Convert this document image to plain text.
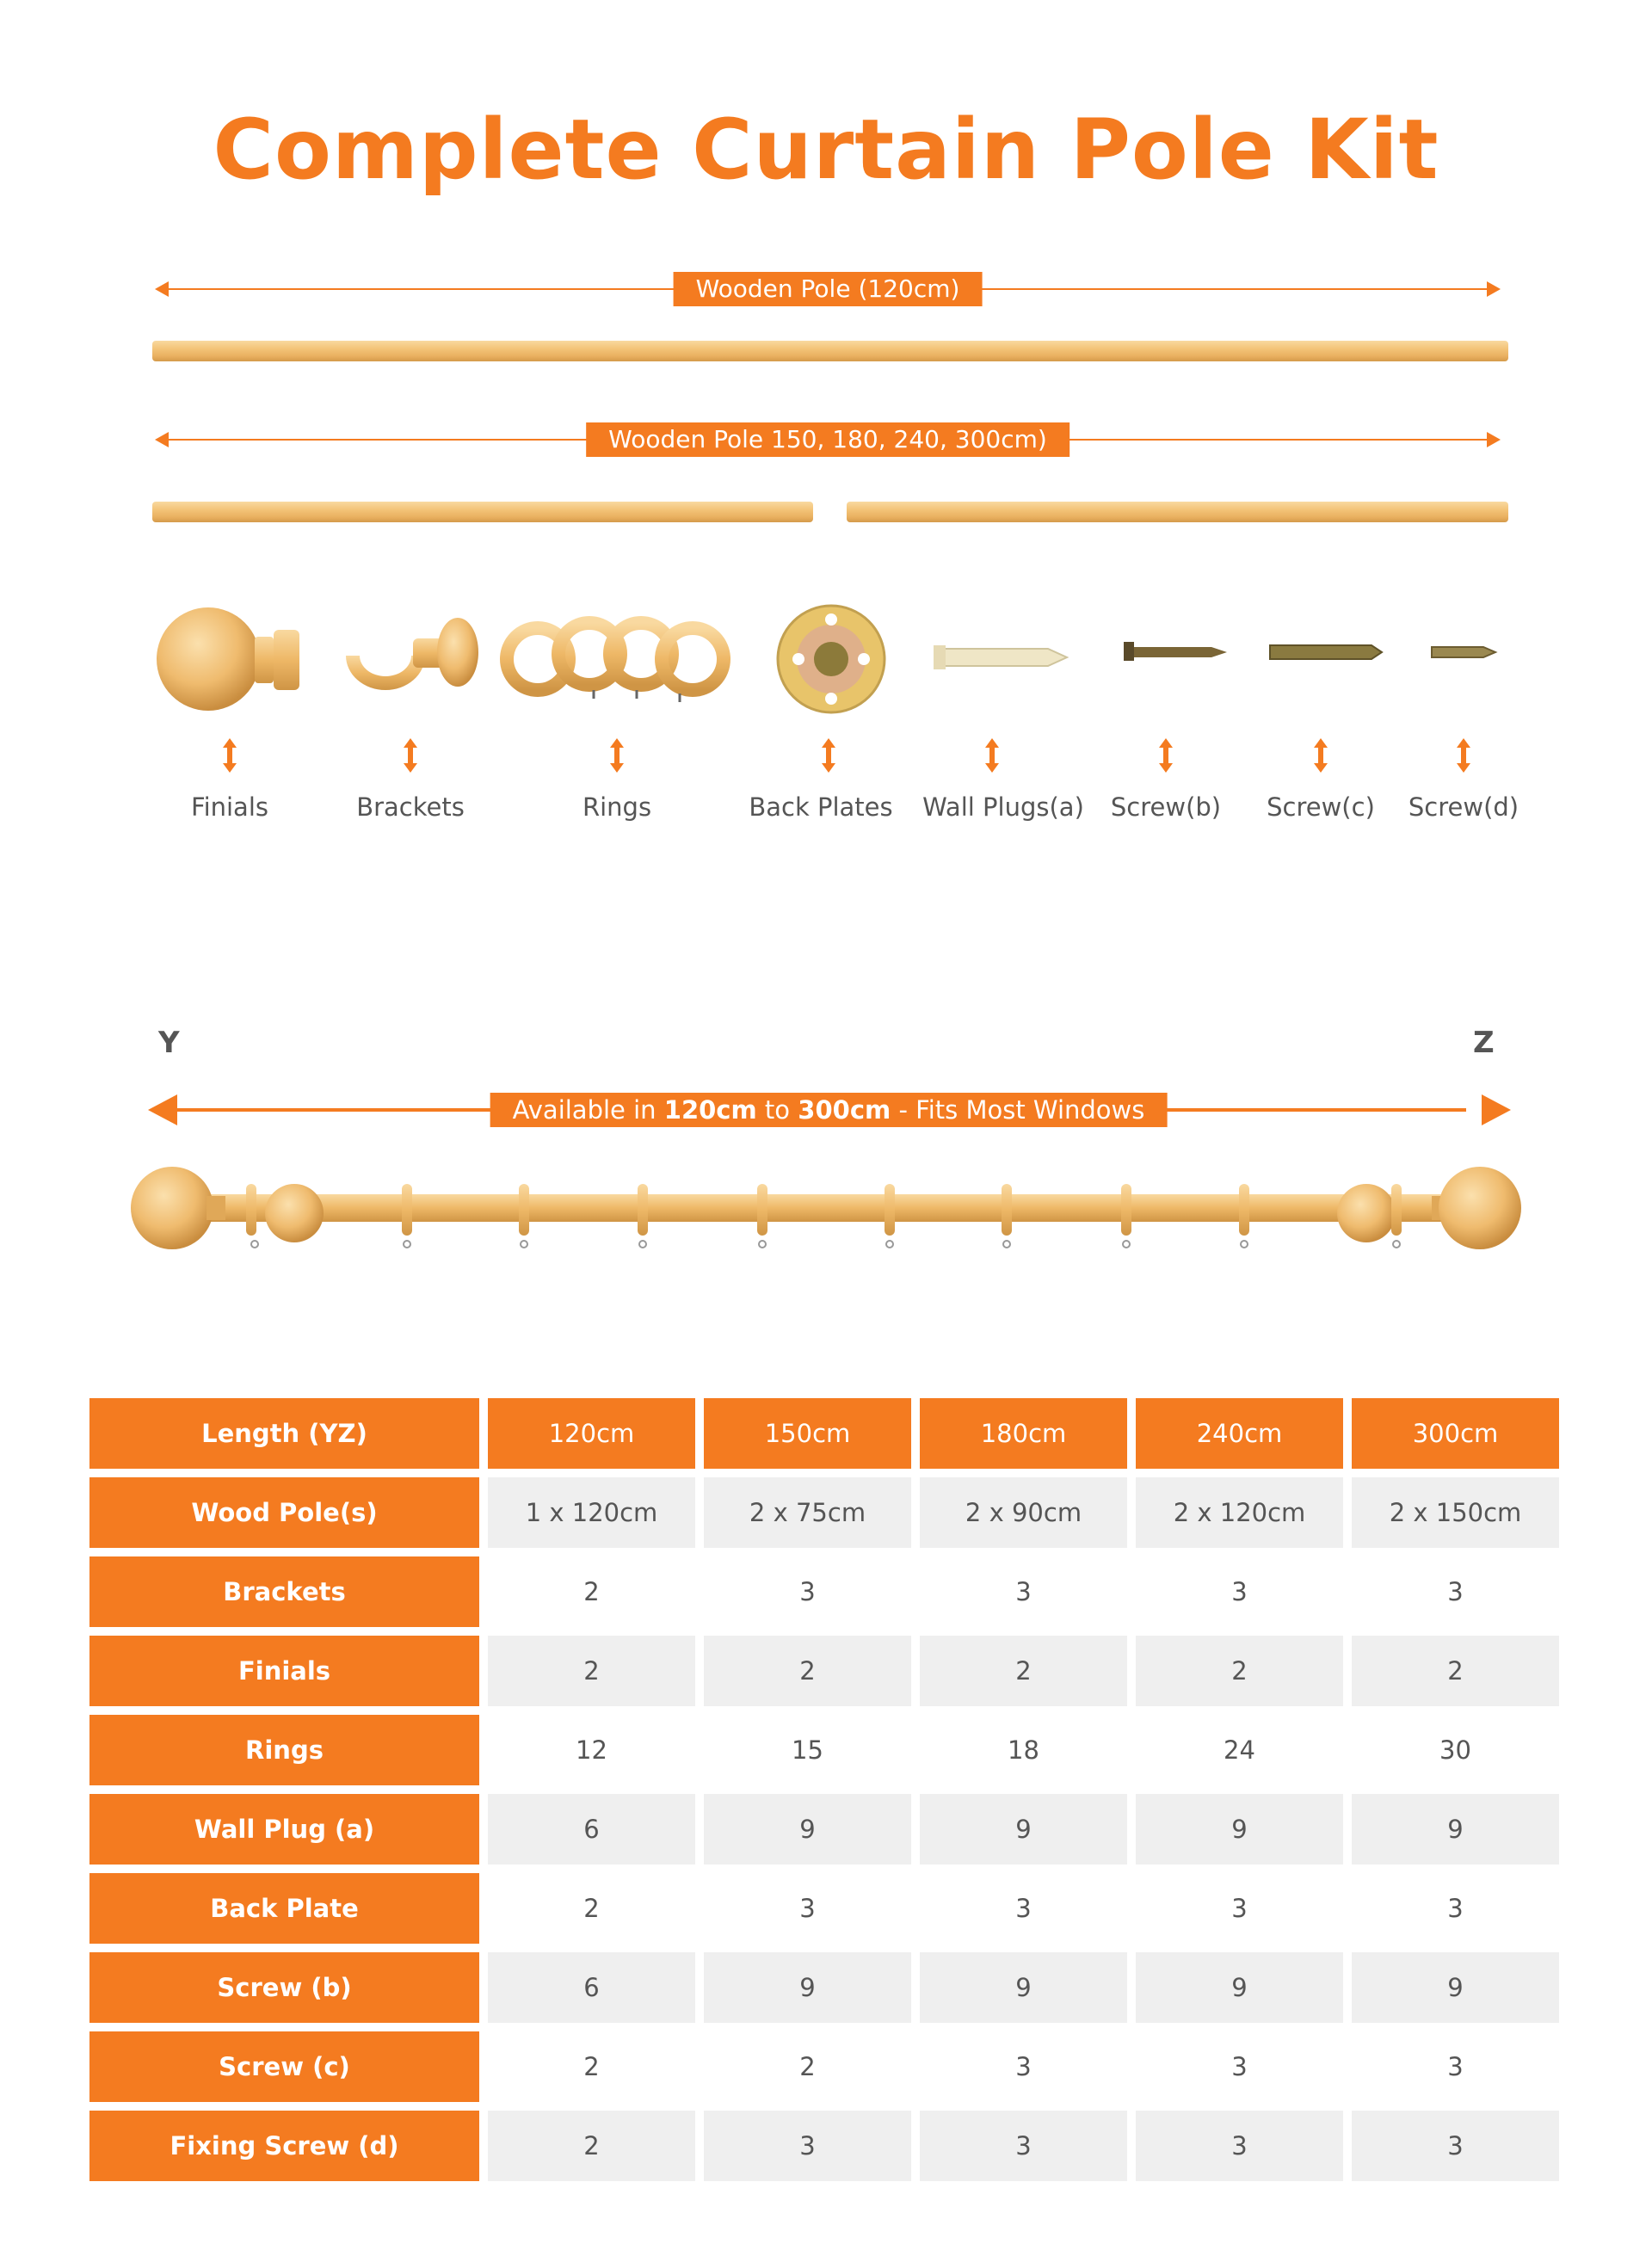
Complete Curtain Pole Kit
Wooden Pole (120cm)
Wooden Pole 150, 180, 240, 300cm)
Finials	Brackets	Rings	Back Plates Wall Plugs(a) Screw(b) Screw(c) Screw(d)
Y	Z
Available in 120cm to 300cm - Fits Most Windows
Length (YZ)	120cm	150cm	180cm	240cm	300cm
Wood Pole(s)	1 x 120cm	2 x 75cm	2 x 90cm	2 x 120cm	2 x 150cm
Brackets	2	3	3	3	3
Finials	2	2	2	2	2
Rings	12	15	18	24	30
Wall Plug (a)	6	9	9	9	9
Back Plate	2	3	3	3	3
Screw (b)	6	9	9	9	9
Screw (c)	2	2	3	3	3
Fixing Screw (d)	2	3	3	3	3
